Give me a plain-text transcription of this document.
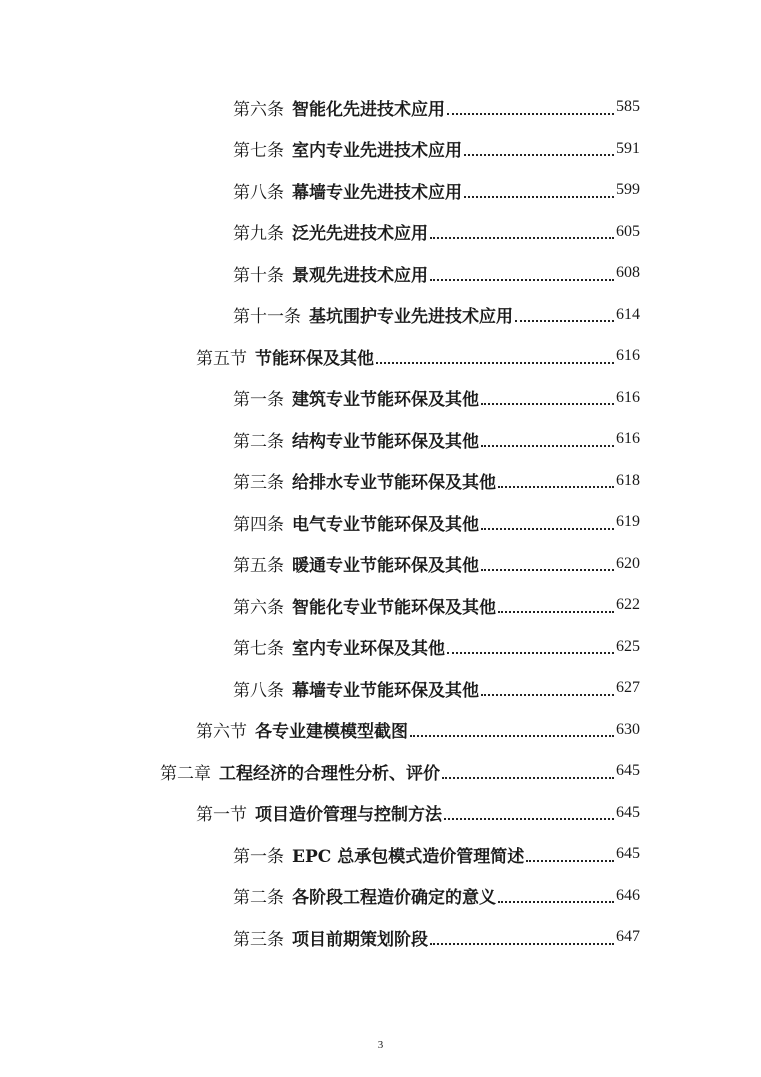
第六条 智能化先进技术应用	585
第七条 室内专业先进技术应用	591
第八条 幕墙专业先进技术应用	599
第九条 泛光先进技术应用	605
第十条 景观先进技术应用	608
第十一条 基坑围护专业先进技术应用	614
第五节 节能环保及其他	616
第一条 建筑专业节能环保及其他	616
第二条 结构专业节能环保及其他	616
第三条 给排水专业节能环保及其他	618
第四条 电气专业节能环保及其他	619
第五条 暖通专业节能环保及其他	620
第六条 智能化专业节能环保及其他	622
第七条 室内专业环保及其他	625
第八条 幕墙专业节能环保及其他	627
第六节 各专业建模模型截图	630
第二章 工程经济的合理性分析、评价	645
第一节 项目造价管理与控制方法	645
第一条 EPC 总承包模式造价管理简述	645
第二条 各阶段工程造价确定的意义	646
第三条 项目前期策划阶段	647
3
